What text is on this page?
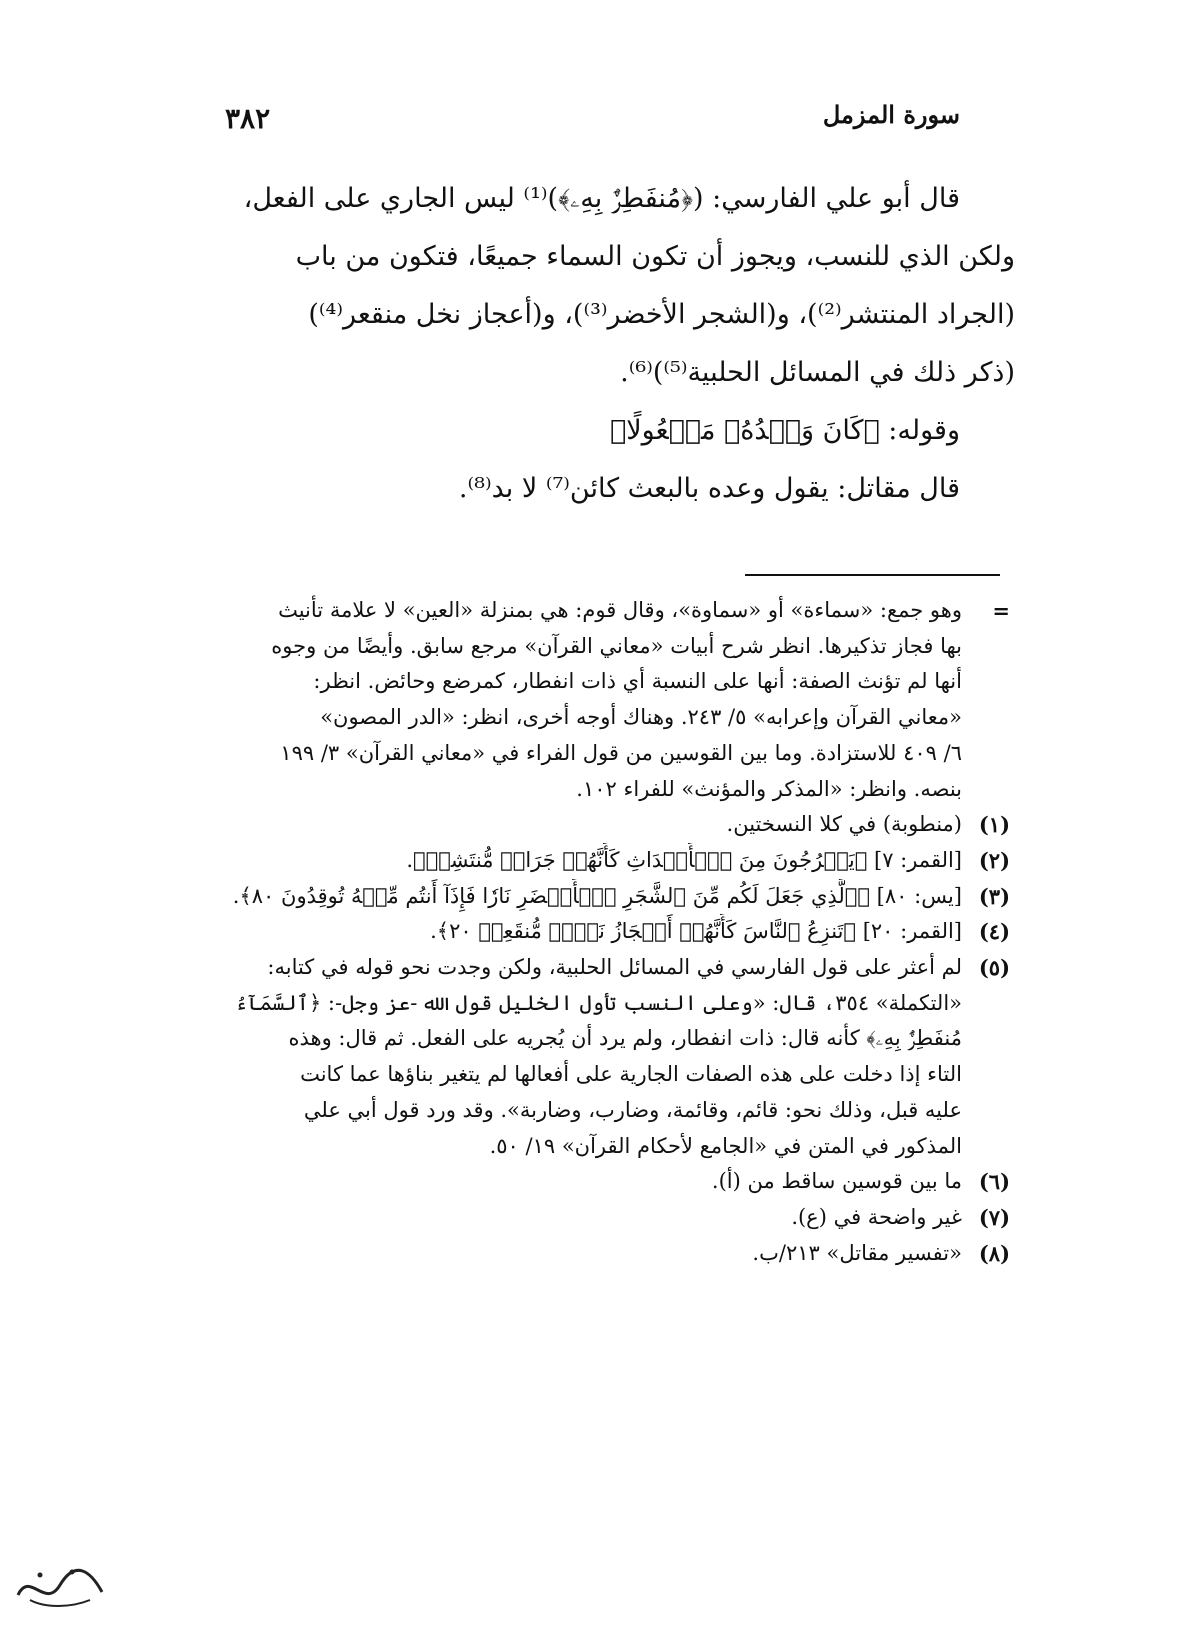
سورة المزمل
٣٨٢
قال أبو علي الفارسي: (﴿مُنفَطِرٌۢ بِهِۦ﴾)⁽¹⁾ ليس الجاري على الفعل،
ولكن الذي للنسب، ويجوز أن تكون السماء جميعًا، فتكون من باب
(الجراد المنتشر⁽²⁾)، و(الشجر الأخضر⁽³⁾)، و(أعجاز نخل منقعر⁽⁴⁾)
(ذكر ذلك في المسائل الحلبية⁽⁵⁾)⁽⁶⁾.
وقوله: ﴿كَانَ وَعۡدُهُۥ مَفۡعُولًا﴾
قال مقاتل: يقول وعده بالبعث كائن⁽⁷⁾ لا بد⁽⁸⁾.
=
وهو جمع: «سماءة» أو «سماوة»، وقال قوم: هي بمنزلة «العين» لا علامة تأنيث
بها فجاز تذكيرها. انظر شرح أبيات «معاني القرآن» مرجع سابق. وأيضًا من وجوه
أنها لم تؤنث الصفة: أنها على النسبة أي ذات انفطار، كمرضع وحائض. انظر:
«معاني القرآن وإعرابه» ٥/ ٢٤٣. وهناك أوجه أخرى، انظر: «الدر المصون»
٦/ ٤٠٩ للاستزادة. وما بين القوسين من قول الفراء في «معاني القرآن» ٣/ ١٩٩
بنصه. وانظر: «المذكر والمؤنث» للفراء ١٠٢.
(١)
(منطوبة) في كلا النسختين.
(٢)
[القمر: ٧] ﴿يَخۡرُجُونَ مِنَ ٱلۡأَجۡدَاثِ كَأَنَّهُمۡ جَرَادٞ مُّنتَشِرٞ﴾.
(٣)
[يس: ٨٠] ﴿ٱلَّذِي جَعَلَ لَكُم مِّنَ ٱلشَّجَرِ ٱلۡأَخۡضَرِ نَارٗا فَإِذَآ أَنتُم مِّنۡهُ تُوقِدُونَ ٨٠﴾.
(٤)
[القمر: ٢٠] ﴿تَنزِعُ ٱلنَّاسَ كَأَنَّهُمۡ أَعۡجَازُ نَخۡلٖ مُّنقَعِرٖ ٢٠﴾.
(٥)
لم أعثر على قول الفارسي في المسائل الحلبية، ولكن وجدت نحو قوله في كتابه:
«التكملة» ٣٥٤، قال: «وعلى النسب تأول الخليل قول الله -عز وجل-: ﴿ٱلسَّمَآءُ
مُنفَطِرٌۢ بِهِۦ﴾ كأنه قال: ذات انفطار، ولم يرد أن يُجريه على الفعل. ثم قال: وهذه
التاء إذا دخلت على هذه الصفات الجارية على أفعالها لم يتغير بناؤها عما كانت
عليه قبل، وذلك نحو: قائم، وقائمة، وضارب، وضاربة». وقد ورد قول أبي علي
المذكور في المتن في «الجامع لأحكام القرآن» ١٩/ ٥٠.
(٦)
ما بين قوسين ساقط من (أ).
(٧)
غير واضحة في (ع).
(٨)
«تفسير مقاتل» ٢١٣/ب.
